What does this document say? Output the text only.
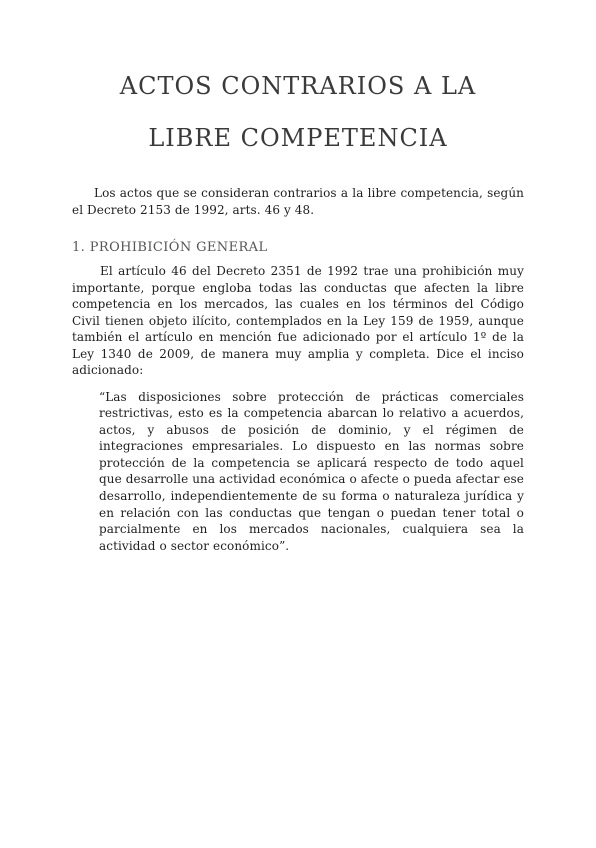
ACTOS CONTRARIOS A LA
LIBRE COMPETENCIA

Los actos que se consideran contrarios a la libre competencia, según el Decreto 2153 de 1992, arts. 46 y 48.

1. PROHIBICIÓN GENERAL

El artículo 46 del Decreto 2351 de 1992 trae una prohibición muy importante, porque engloba todas las conductas que afecten la libre competencia en los mercados, las cuales en los términos del Código Civil tienen objeto ilícito, contemplados en la Ley 159 de 1959, aunque también el artículo en mención fue adicionado por el artículo 1º de la Ley 1340 de 2009, de manera muy amplia y completa. Dice el inciso adicionado:

“Las disposiciones sobre protección de prácticas comerciales restrictivas, esto es la competencia abarcan lo relativo a acuerdos, actos, y abusos de posición de dominio, y el régimen de integraciones empresariales. Lo dispuesto en las normas sobre protección de la competencia se aplicará respecto de todo aquel que desarrolle una actividad económica o afecte o pueda afectar ese desarrollo, independientemente de su forma o naturaleza jurídica y en relación con las conductas que tengan o puedan tener total o parcialmente en los mercados nacionales, cualquiera sea la actividad o sector económico”.
